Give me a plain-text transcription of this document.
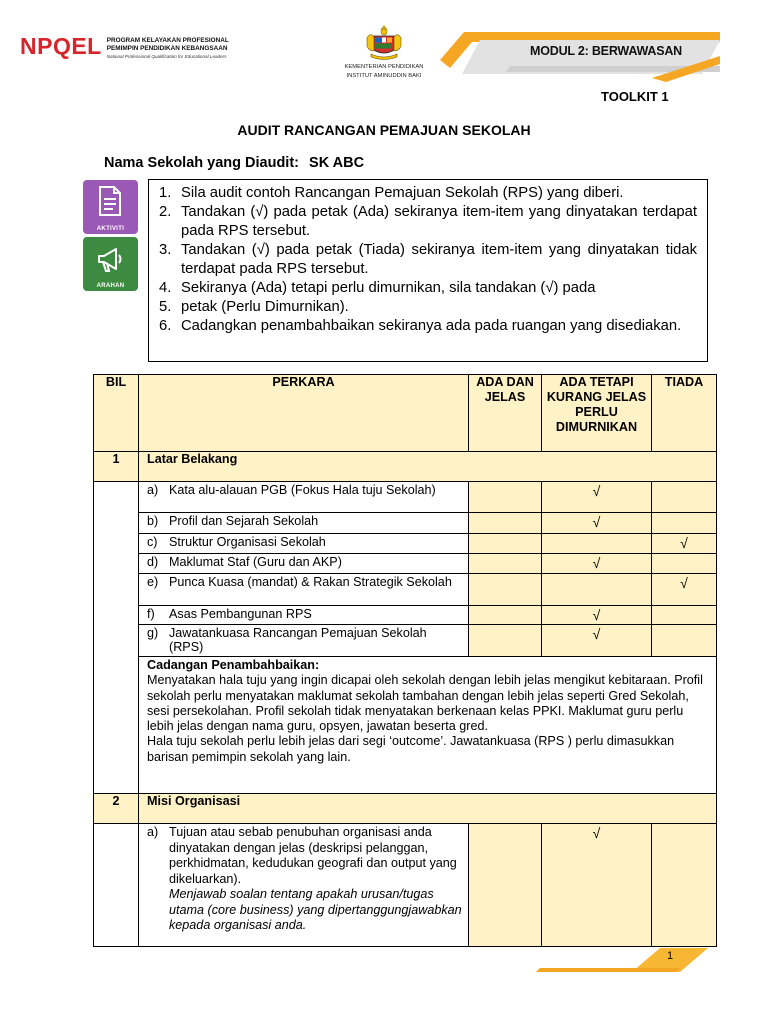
NPQEL PROGRAM KELAYAKAN PROFESIONAL
PEMIMPIN PENDIDIKAN KEBANGSAAN
National Professional Qualification for Educational Leaders
KEMENTERIAN PENDIDIKAN
INSTITUT AMINUDDIN BAKI
MODUL 2: BERWAWASAN
TOOLKIT 1
AUDIT RANCANGAN PEMAJUAN SEKOLAH
Nama Sekolah yang Diaudit: SK ABC
AKTIVITI
ARAHAN
1. Sila audit contoh Rancangan Pemajuan Sekolah (RPS) yang diberi.
2. Tandakan (√) pada petak (Ada) sekiranya item-item yang dinyatakan terdapat pada RPS tersebut.
3. Tandakan (√) pada petak (Tiada) sekiranya item-item yang dinyatakan tidak terdapat pada RPS tersebut.
4. Sekiranya (Ada) tetapi perlu dimurnikan, sila tandakan (√) pada
5. petak (Perlu Dimurnikan).
6. Cadangkan penambahbaikan sekiranya ada pada ruangan yang disediakan.
BIL	PERKARA	ADA DAN JELAS	ADA TETAPI KURANG JELAS PERLU DIMURNIKAN	TIADA
1	Latar Belakang			
	a) Kata alu-alauan PGB (Fokus Hala tuju Sekolah)		√	
	b) Profil dan Sejarah Sekolah		√	
	c) Struktur Organisasi Sekolah			√
	d) Maklumat Staf (Guru dan AKP)		√	
	e) Punca Kuasa (mandat) & Rakan Strategik Sekolah			√
	f) Asas Pembangunan RPS		√	
	g) Jawatankuasa Rancangan Pemajuan Sekolah (RPS)		√	

	Cadangan Penambahbaikan:
Menyatakan hala tuju yang ingin dicapai oleh sekolah dengan lebih jelas mengikut kebitaraan. Profil sekolah perlu menyatakan maklumat sekolah tambahan dengan lebih jelas seperti Gred Sekolah, sesi persekolahan. Profil sekolah tidak menyatakan berkenaan kelas PPKI. Maklumat guru perlu lebih jelas dengan nama guru, opsyen, jawatan beserta gred.
Hala tuju sekolah perlu lebih jelas dari segi ‘outcome’. Jawatankuasa (RPS ) perlu dimasukkan barisan pemimpin sekolah yang lain.			

2	Misi Organisasi			
	a) Tujuan atau sebab penubuhan organisasi anda dinyatakan dengan jelas (deskripsi pelanggan, perkhidmatan, kedudukan geografi dan output yang dikeluarkan).
Menjawab soalan tentang apakah urusan/tugas utama (core business) yang dipertanggungjawabkan kepada organisasi anda.		√	
1
